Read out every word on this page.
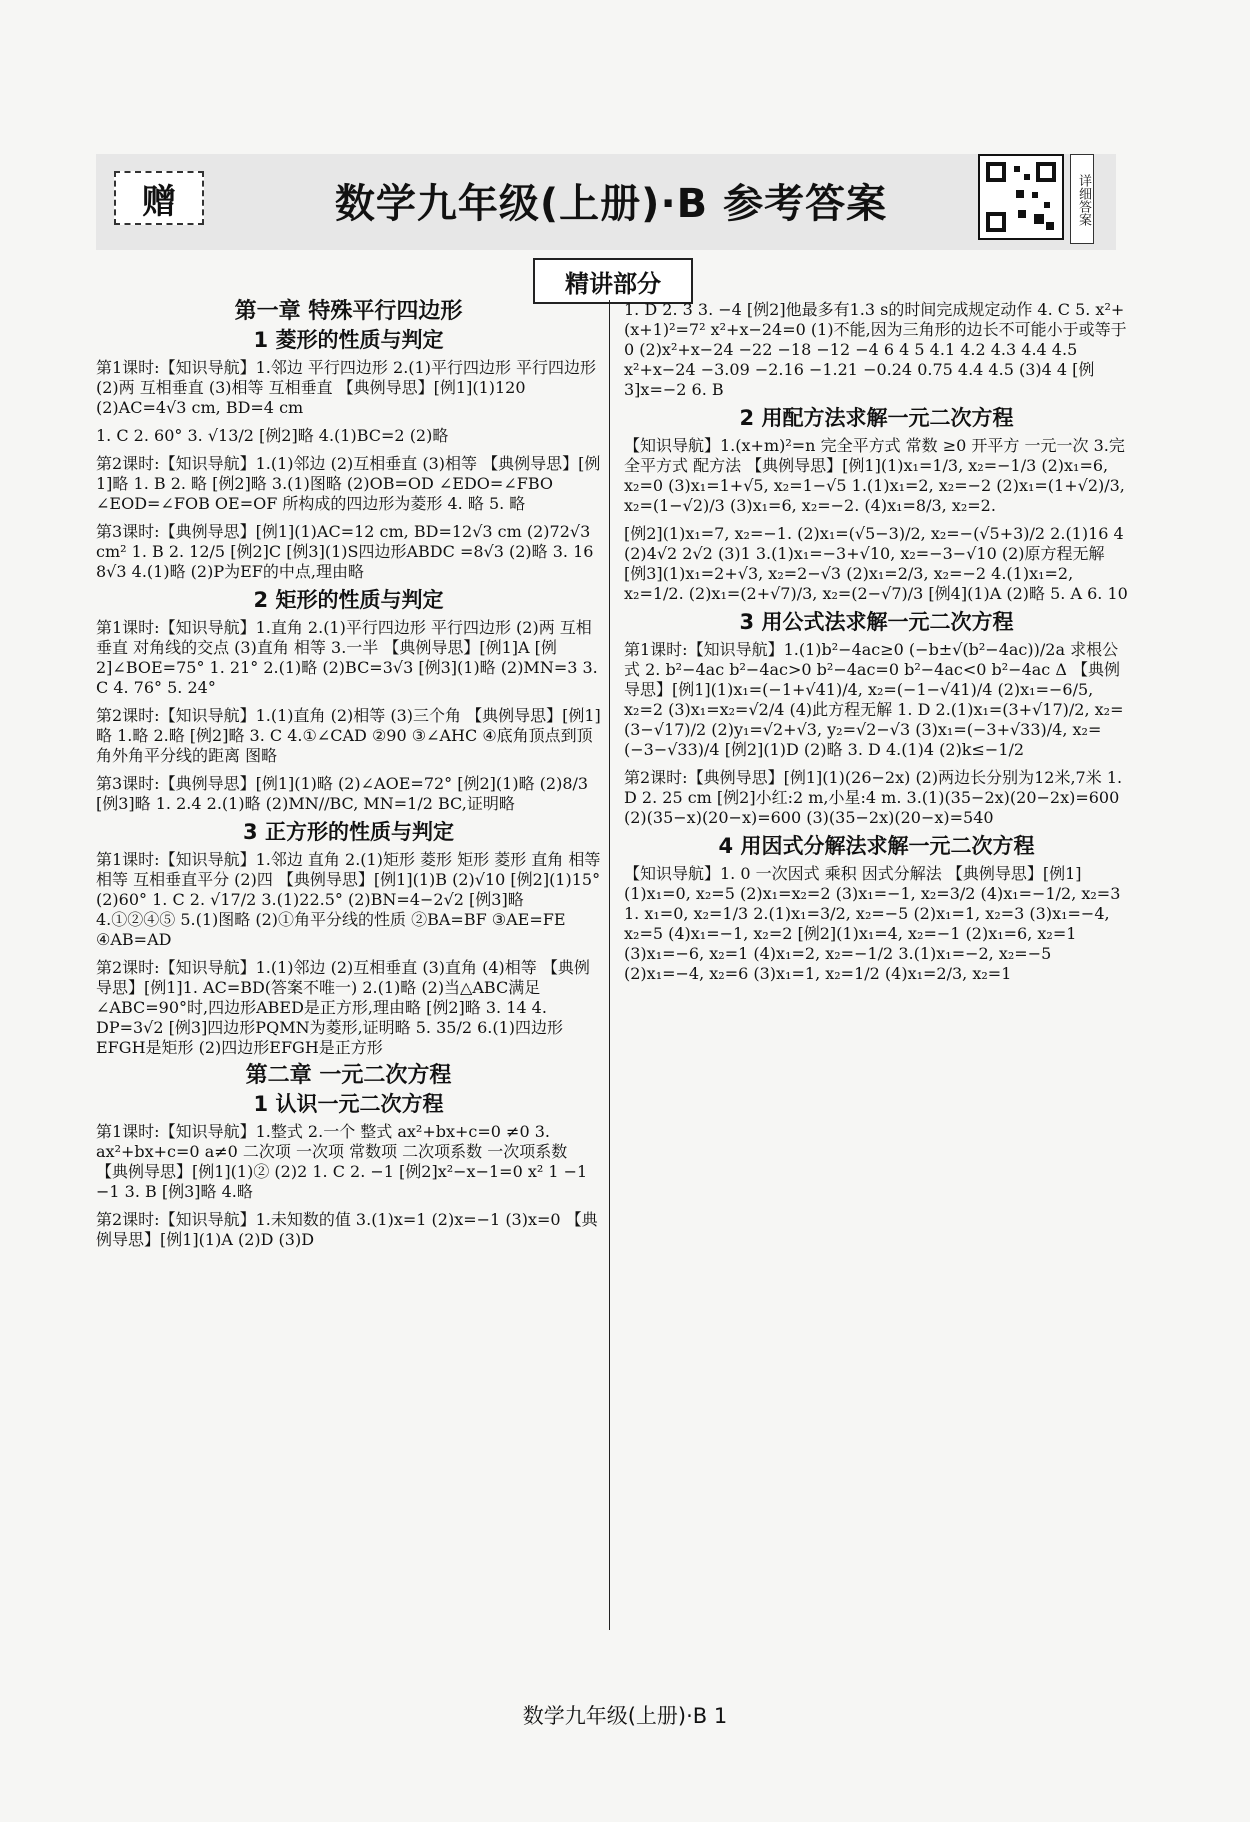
赠	数学九年级(上册)·B 参考答案	详细答案
精讲部分
第一章 特殊平行四边形
1 菱形的性质与判定
第1课时:【知识导航】1.邻边 平行四边形 2.(1)平行四边形 平行四边形 (2)两 互相垂直 (3)相等 互相垂直 【典例导思】[例1](1)120 (2)AC=4√3 cm, BD=4 cm
1. C 2. 60° 3. √13/2 [例2]略 4.(1)BC=2 (2)略
第2课时:【知识导航】1.(1)邻边 (2)互相垂直 (3)相等 【典例导思】[例1]略 1. B 2. 略 [例2]略 3.(1)图略 (2)OB=OD ∠EDO=∠FBO ∠EOD=∠FOB OE=OF 所构成的四边形为菱形 4. 略 5. 略
第3课时:【典例导思】[例1](1)AC=12 cm, BD=12√3 cm (2)72√3 cm² 1. B 2. 12/5 [例2]C [例3](1)S四边形ABDC =8√3 (2)略 3. 16 8√3 4.(1)略 (2)P为EF的中点,理由略
2 矩形的性质与判定
第1课时:【知识导航】1.直角 2.(1)平行四边形 平行四边形 (2)两 互相垂直 对角线的交点 (3)直角 相等 3.一半 【典例导思】[例1]A [例2]∠BOE=75° 1. 21° 2.(1)略 (2)BC=3√3 [例3](1)略 (2)MN=3 3. C 4. 76° 5. 24°
第2课时:【知识导航】1.(1)直角 (2)相等 (3)三个角 【典例导思】[例1]略 1.略 2.略 [例2]略 3. C 4.①∠CAD ②90 ③∠AHC ④底角顶点到顶角外角平分线的距离 图略
第3课时:【典例导思】[例1](1)略 (2)∠AOE=72° [例2](1)略 (2)8/3 [例3]略 1. 2.4 2.(1)略 (2)MN//BC, MN=1/2 BC,证明略
3 正方形的性质与判定
第1课时:【知识导航】1.邻边 直角 2.(1)矩形 菱形 矩形 菱形 直角 相等 相等 互相垂直平分 (2)四 【典例导思】[例1](1)B (2)√10 [例2](1)15° (2)60° 1. C 2. √17/2 3.(1)22.5° (2)BN=4−2√2 [例3]略 4.①②④⑤ 5.(1)图略 (2)①角平分线的性质 ②BA=BF ③AE=FE ④AB=AD
第2课时:【知识导航】1.(1)邻边 (2)互相垂直 (3)直角 (4)相等 【典例导思】[例1]1. AC=BD(答案不唯一) 2.(1)略 (2)当△ABC满足∠ABC=90°时,四边形ABED是正方形,理由略 [例2]略 3. 14 4. DP=3√2 [例3]四边形PQMN为菱形,证明略 5. 35/2 6.(1)四边形EFGH是矩形 (2)四边形EFGH是正方形
第二章 一元二次方程
1 认识一元二次方程
第1课时:【知识导航】1.整式 2.一个 整式 ax²+bx+c=0 ≠0 3. ax²+bx+c=0 a≠0 二次项 一次项 常数项 二次项系数 一次项系数 【典例导思】[例1](1)② (2)2 1. C 2. −1 [例2]x²−x−1=0 x² 1 −1 −1 3. B [例3]略 4.略
第2课时:【知识导航】1.未知数的值 3.(1)x=1 (2)x=−1 (3)x=0 【典例导思】[例1](1)A (2)D (3)D
1. D 2. 3 3. −4 [例2]他最多有1.3 s的时间完成规定动作 4. C 5. x²+(x+1)²=7² x²+x−24=0 (1)不能,因为三角形的边长不可能小于或等于0 (2)x²+x−24 −22 −18 −12 −4 6 4 5 4.1 4.2 4.3 4.4 4.5 x²+x−24 −3.09 −2.16 −1.21 −0.24 0.75 4.4 4.5 (3)4 4 [例3]x=−2 6. B
2 用配方法求解一元二次方程
【知识导航】1.(x+m)²=n 完全平方式 常数 ≥0 开平方 一元一次 3.完全平方式 配方法 【典例导思】[例1](1)x₁=1/3, x₂=−1/3 (2)x₁=6, x₂=0 (3)x₁=1+√5, x₂=1−√5 1.(1)x₁=2, x₂=−2 (2)x₁=(1+√2)/3, x₂=(1−√2)/3 (3)x₁=6, x₂=−2. (4)x₁=8/3, x₂=2.
[例2](1)x₁=7, x₂=−1. (2)x₁=(√5−3)/2, x₂=−(√5+3)/2 2.(1)16 4 (2)4√2 2√2 (3)1 3.(1)x₁=−3+√10, x₂=−3−√10 (2)原方程无解 [例3](1)x₁=2+√3, x₂=2−√3 (2)x₁=2/3, x₂=−2 4.(1)x₁=2, x₂=1/2. (2)x₁=(2+√7)/3, x₂=(2−√7)/3 [例4](1)A (2)略 5. A 6. 10
3 用公式法求解一元二次方程
第1课时:【知识导航】1.(1)b²−4ac≥0 (−b±√(b²−4ac))/2a 求根公式 2. b²−4ac b²−4ac>0 b²−4ac=0 b²−4ac<0 b²−4ac Δ 【典例导思】[例1](1)x₁=(−1+√41)/4, x₂=(−1−√41)/4 (2)x₁=−6/5, x₂=2 (3)x₁=x₂=√2/4 (4)此方程无解 1. D 2.(1)x₁=(3+√17)/2, x₂=(3−√17)/2 (2)y₁=√2+√3, y₂=√2−√3 (3)x₁=(−3+√33)/4, x₂=(−3−√33)/4 [例2](1)D (2)略 3. D 4.(1)4 (2)k≤−1/2
第2课时:【典例导思】[例1](1)(26−2x) (2)两边长分别为12米,7米 1. D 2. 25 cm [例2]小红:2 m,小星:4 m. 3.(1)(35−2x)(20−2x)=600 (2)(35−x)(20−x)=600 (3)(35−2x)(20−x)=540
4 用因式分解法求解一元二次方程
【知识导航】1. 0 一次因式 乘积 因式分解法 【典例导思】[例1](1)x₁=0, x₂=5 (2)x₁=x₂=2 (3)x₁=−1, x₂=3/2 (4)x₁=−1/2, x₂=3 1. x₁=0, x₂=1/3 2.(1)x₁=3/2, x₂=−5 (2)x₁=1, x₂=3 (3)x₁=−4, x₂=5 (4)x₁=−1, x₂=2 [例2](1)x₁=4, x₂=−1 (2)x₁=6, x₂=1 (3)x₁=−6, x₂=1 (4)x₁=2, x₂=−1/2 3.(1)x₁=−2, x₂=−5 (2)x₁=−4, x₂=6 (3)x₁=1, x₂=1/2 (4)x₁=2/3, x₂=1
数学九年级(上册)·B 1
